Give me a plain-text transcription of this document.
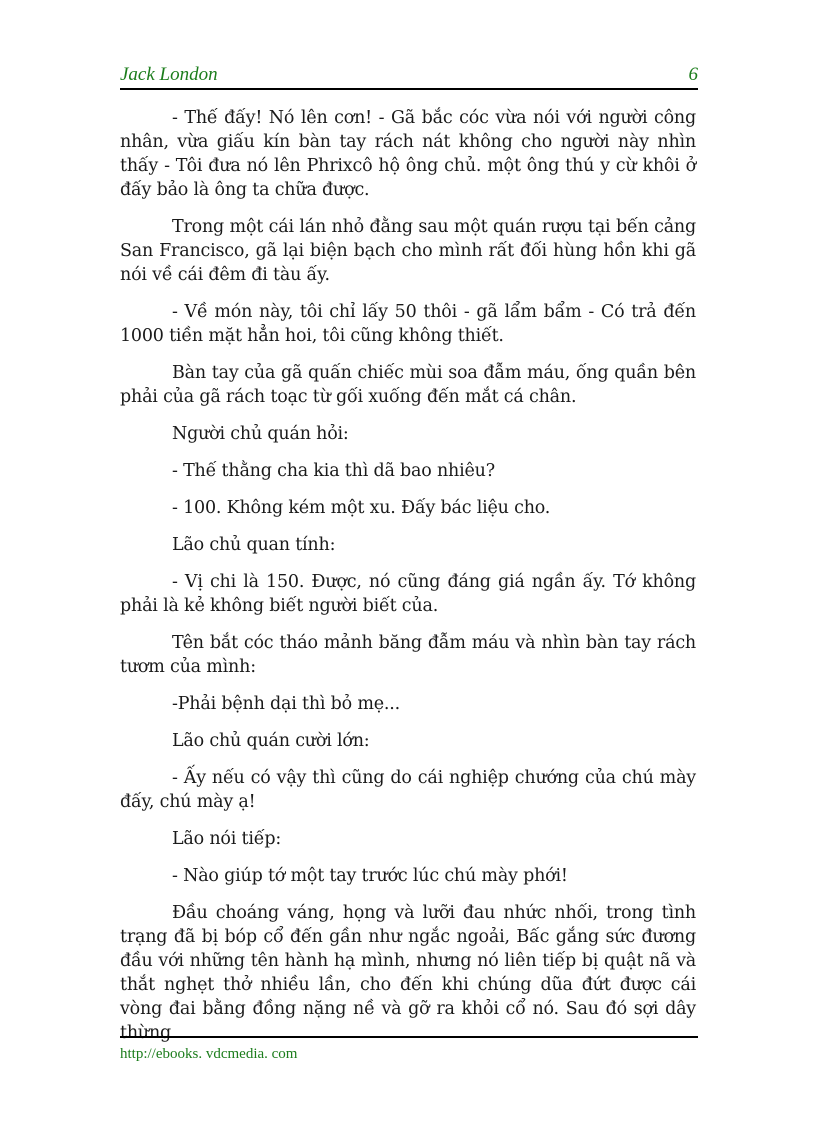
Jack London	6

- Thế đấy! Nó lên cơn! - Gã bắc cóc vừa nói với người công nhân, vừa giấu kín bàn tay rách nát không cho người này nhìn thấy - Tôi đưa nó lên Phrixcô hộ ông chủ. một ông thú y cừ khôi ở đấy bảo là ông ta chữa được.

Trong một cái lán nhỏ đằng sau một quán rượu tại bến cảng San Francisco, gã lại biện bạch cho mình rất đối hùng hồn khi gã nói về cái đêm đi tàu ấy.

- Về món này, tôi chỉ lấy 50 thôi - gã lẩm bẩm - Có trả đến 1000 tiền mặt hẳn hoi, tôi cũng không thiết.

Bàn tay của gã quấn chiếc mùi soa đẫm máu, ống quần bên phải của gã rách toạc từ gối xuống đến mắt cá chân.

Người chủ quán hỏi:

- Thế thằng cha kia thì dã bao nhiêu?

- 100. Không kém một xu. Đấy bác liệu cho.

Lão chủ quan tính:

- Vị chi là 150. Được, nó cũng đáng giá ngần ấy. Tớ không phải là kẻ không biết người biết của.

Tên bắt cóc tháo mảnh băng đẫm máu và nhìn bàn tay rách tươm của mình:

-Phải bệnh dại thì bỏ mẹ...

Lão chủ quán cười lớn:

- Ấy nếu có vậy thì cũng do cái nghiệp chướng của chú mày đấy, chú mày ạ!

Lão nói tiếp:

- Nào giúp tớ một tay trước lúc chú mày phới!

Đầu choáng váng, họng và lưỡi đau nhức nhối, trong tình trạng đã bị bóp cổ đến gần như ngắc ngoải, Bấc gắng sức đương đầu với những tên hành hạ mình, nhưng nó liên tiếp bị quật nã và thắt nghẹt thở nhiều lần, cho đến khi chúng dũa đứt được cái vòng đai bằng đồng nặng nề và gỡ ra khỏi cổ nó. Sau đó sợi dây thừng

http://ebooks. vdcmedia. com
